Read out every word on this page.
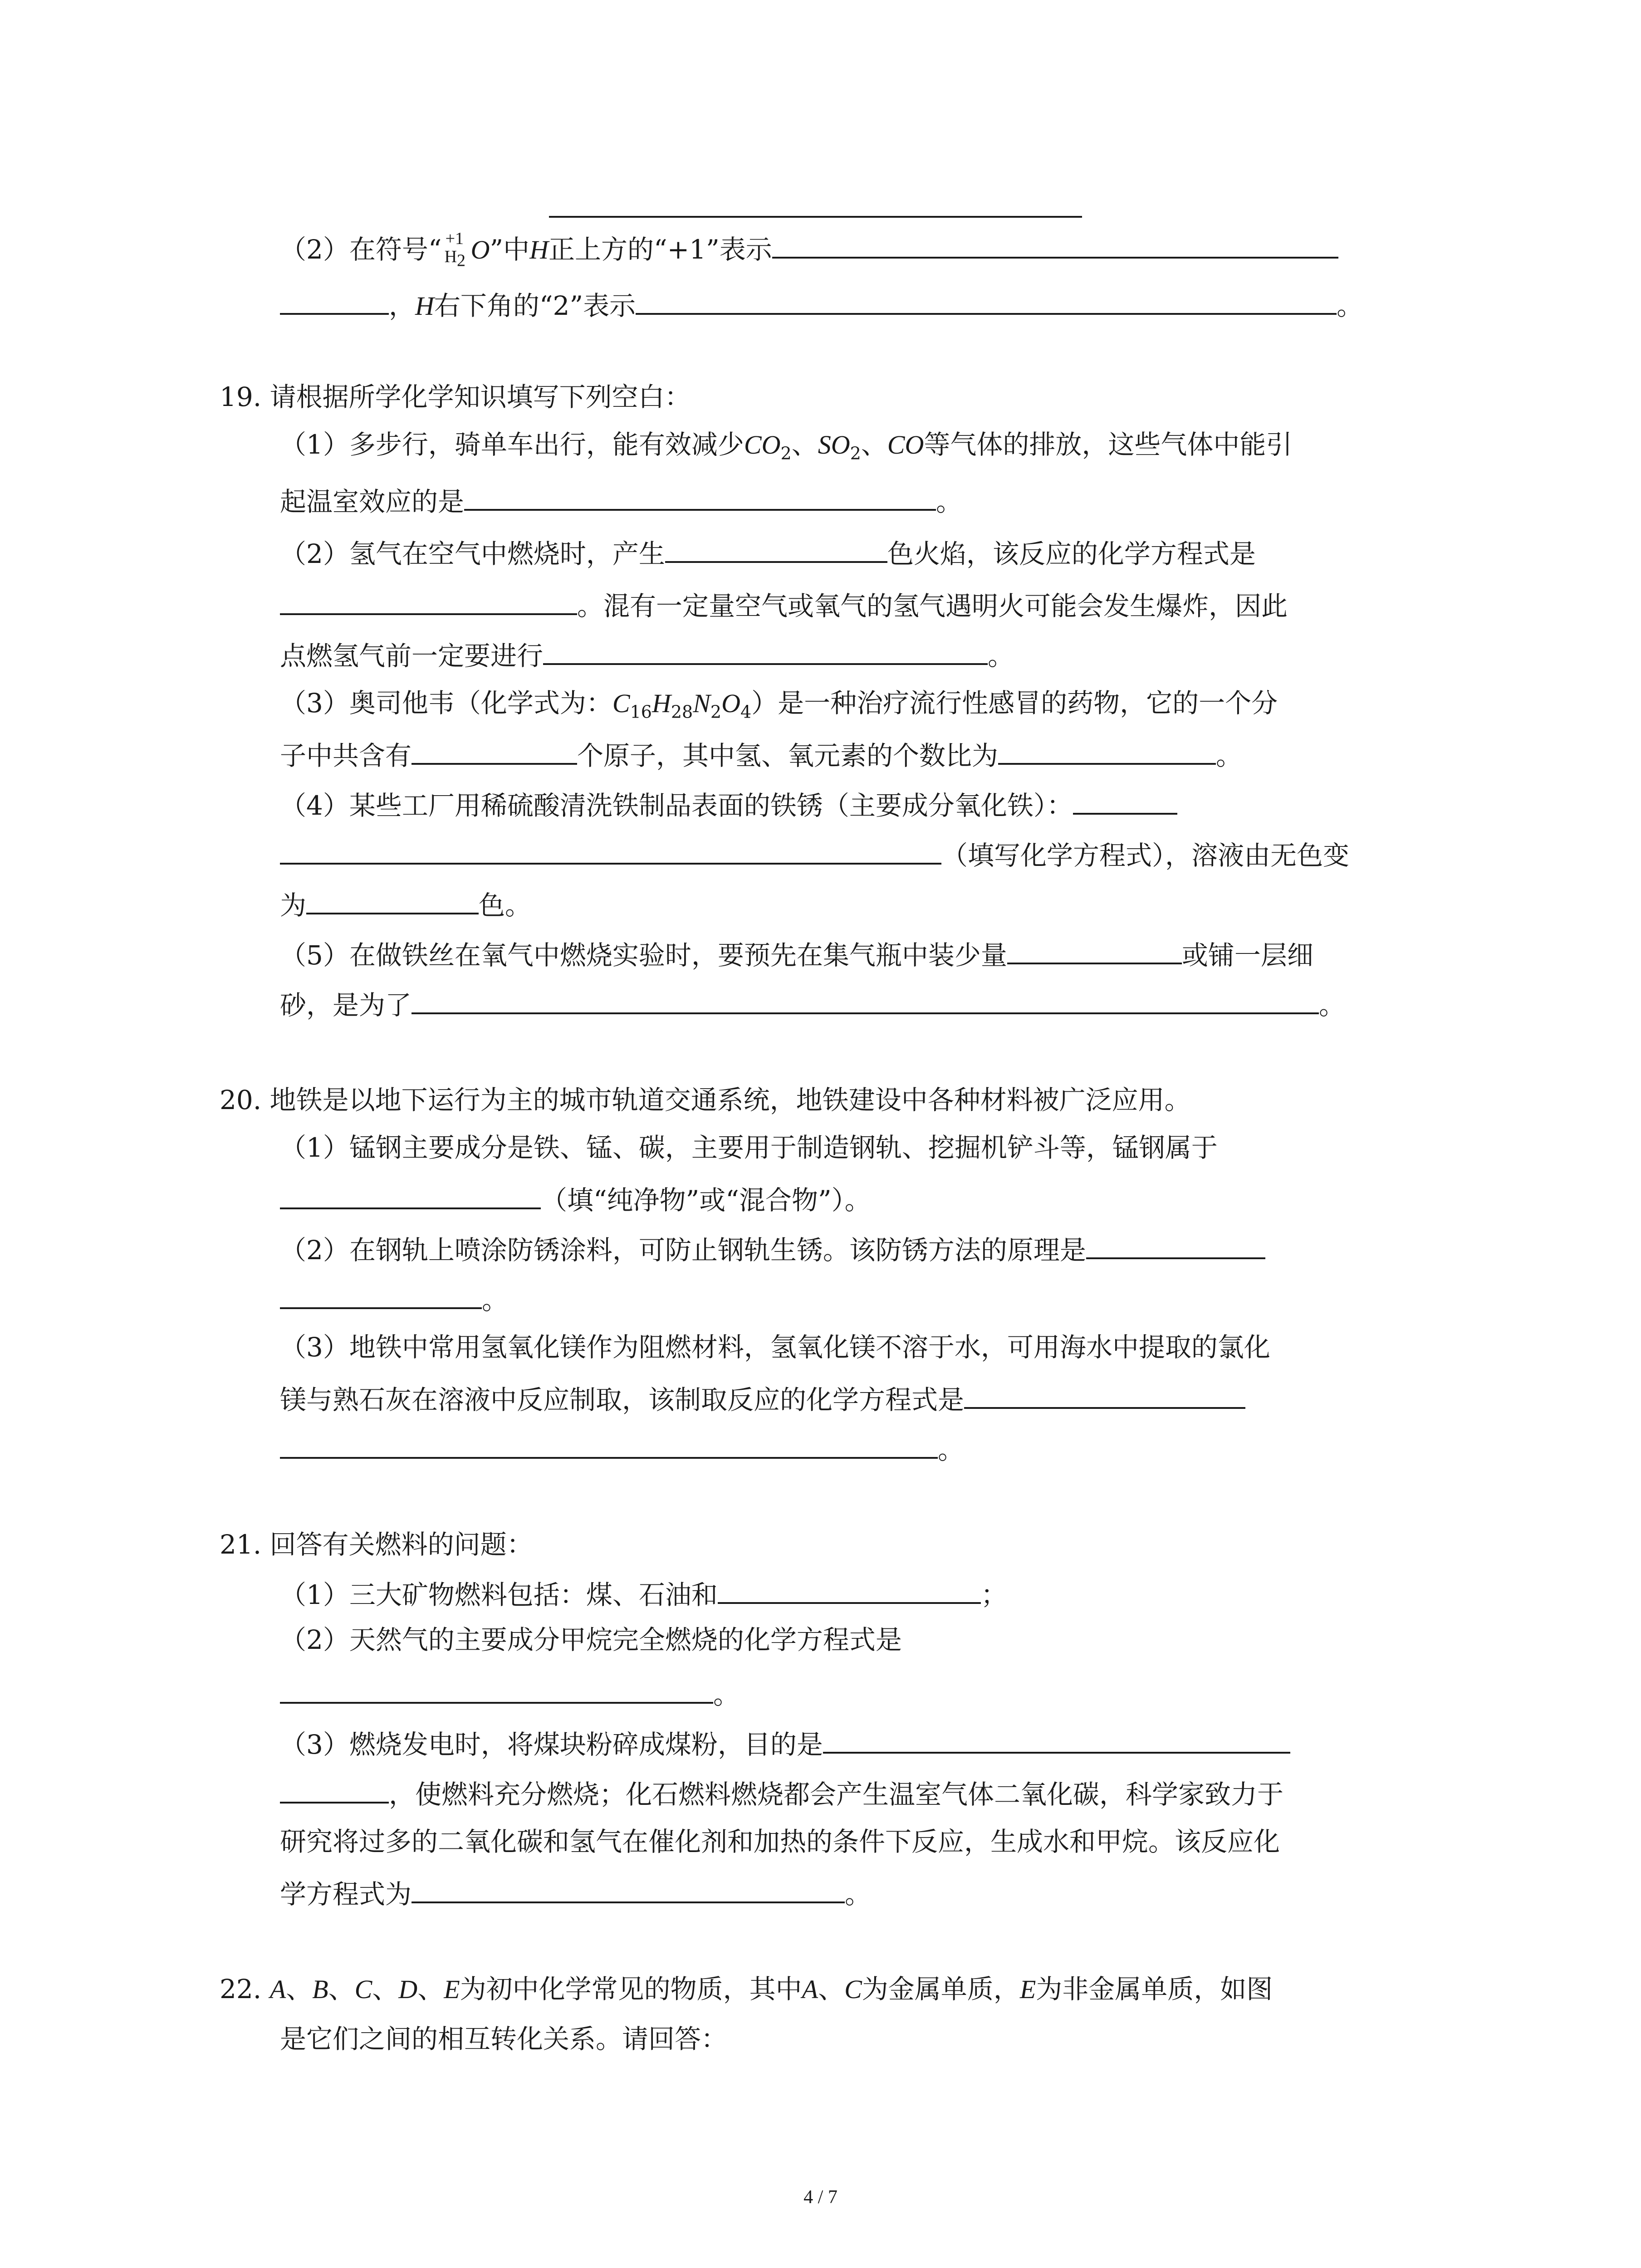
（2）在符号“ +1
$H_2$ O”中H正上方的“+1”表示
，H右下角的“2”表示	。
19. 请根据所学化学知识填写下列空白：
（1）多步行，骑单车出行，能有效减少$CO_2$、$SO_2$、CO等气体的排放，这些气体中能引
起温室效应的是	。
（2）氢气在空气中燃烧时，产生	色火焰，该反应的化学方程式是
。混有一定量空气或氧气的氢气遇明火可能会发生爆炸，因此
点燃氢气前一定要进行	。
（3）奥司他韦（化学式为：$C_{16}H_{28}N_2O_4$）是一种治疗流行性感冒的药物，它的一个分
子中共含有	个原子，其中氢、氧元素的个数比为	。
（4）某些工厂用稀硫酸清洗铁制品表面的铁锈（主要成分氧化铁）：
（填写化学方程式），溶液由无色变
为	色。
（5）在做铁丝在氧气中燃烧实验时，要预先在集气瓶中装少量	或铺一层细
砂，是为了	。
20. 地铁是以地下运行为主的城市轨道交通系统，地铁建设中各种材料被广泛应用。
（1）锰钢主要成分是铁、锰、碳，主要用于制造钢轨、挖掘机铲斗等，锰钢属于
（填“纯净物”或“混合物”）。
（2）在钢轨上喷涂防锈涂料，可防止钢轨生锈。该防锈方法的原理是
。
（3）地铁中常用氢氧化镁作为阻燃材料，氢氧化镁不溶于水，可用海水中提取的氯化
镁与熟石灰在溶液中反应制取，该制取反应的化学方程式是
。
21. 回答有关燃料的问题：
（1）三大矿物燃料包括：煤、石油和	；
（2）天然气的主要成分甲烷完全燃烧的化学方程式是
。
（3）燃烧发电时，将煤块粉碎成煤粉，目的是
，使燃料充分燃烧；化石燃料燃烧都会产生温室气体二氧化碳，科学家致力于
研究将过多的二氧化碳和氢气在催化剂和加热的条件下反应，生成水和甲烷。该反应化
学方程式为	。
22. A、B、C、D、E为初中化学常见的物质，其中A、C为金属单质，E为非金属单质，如图
是它们之间的相互转化关系。请回答：
4 / 7
